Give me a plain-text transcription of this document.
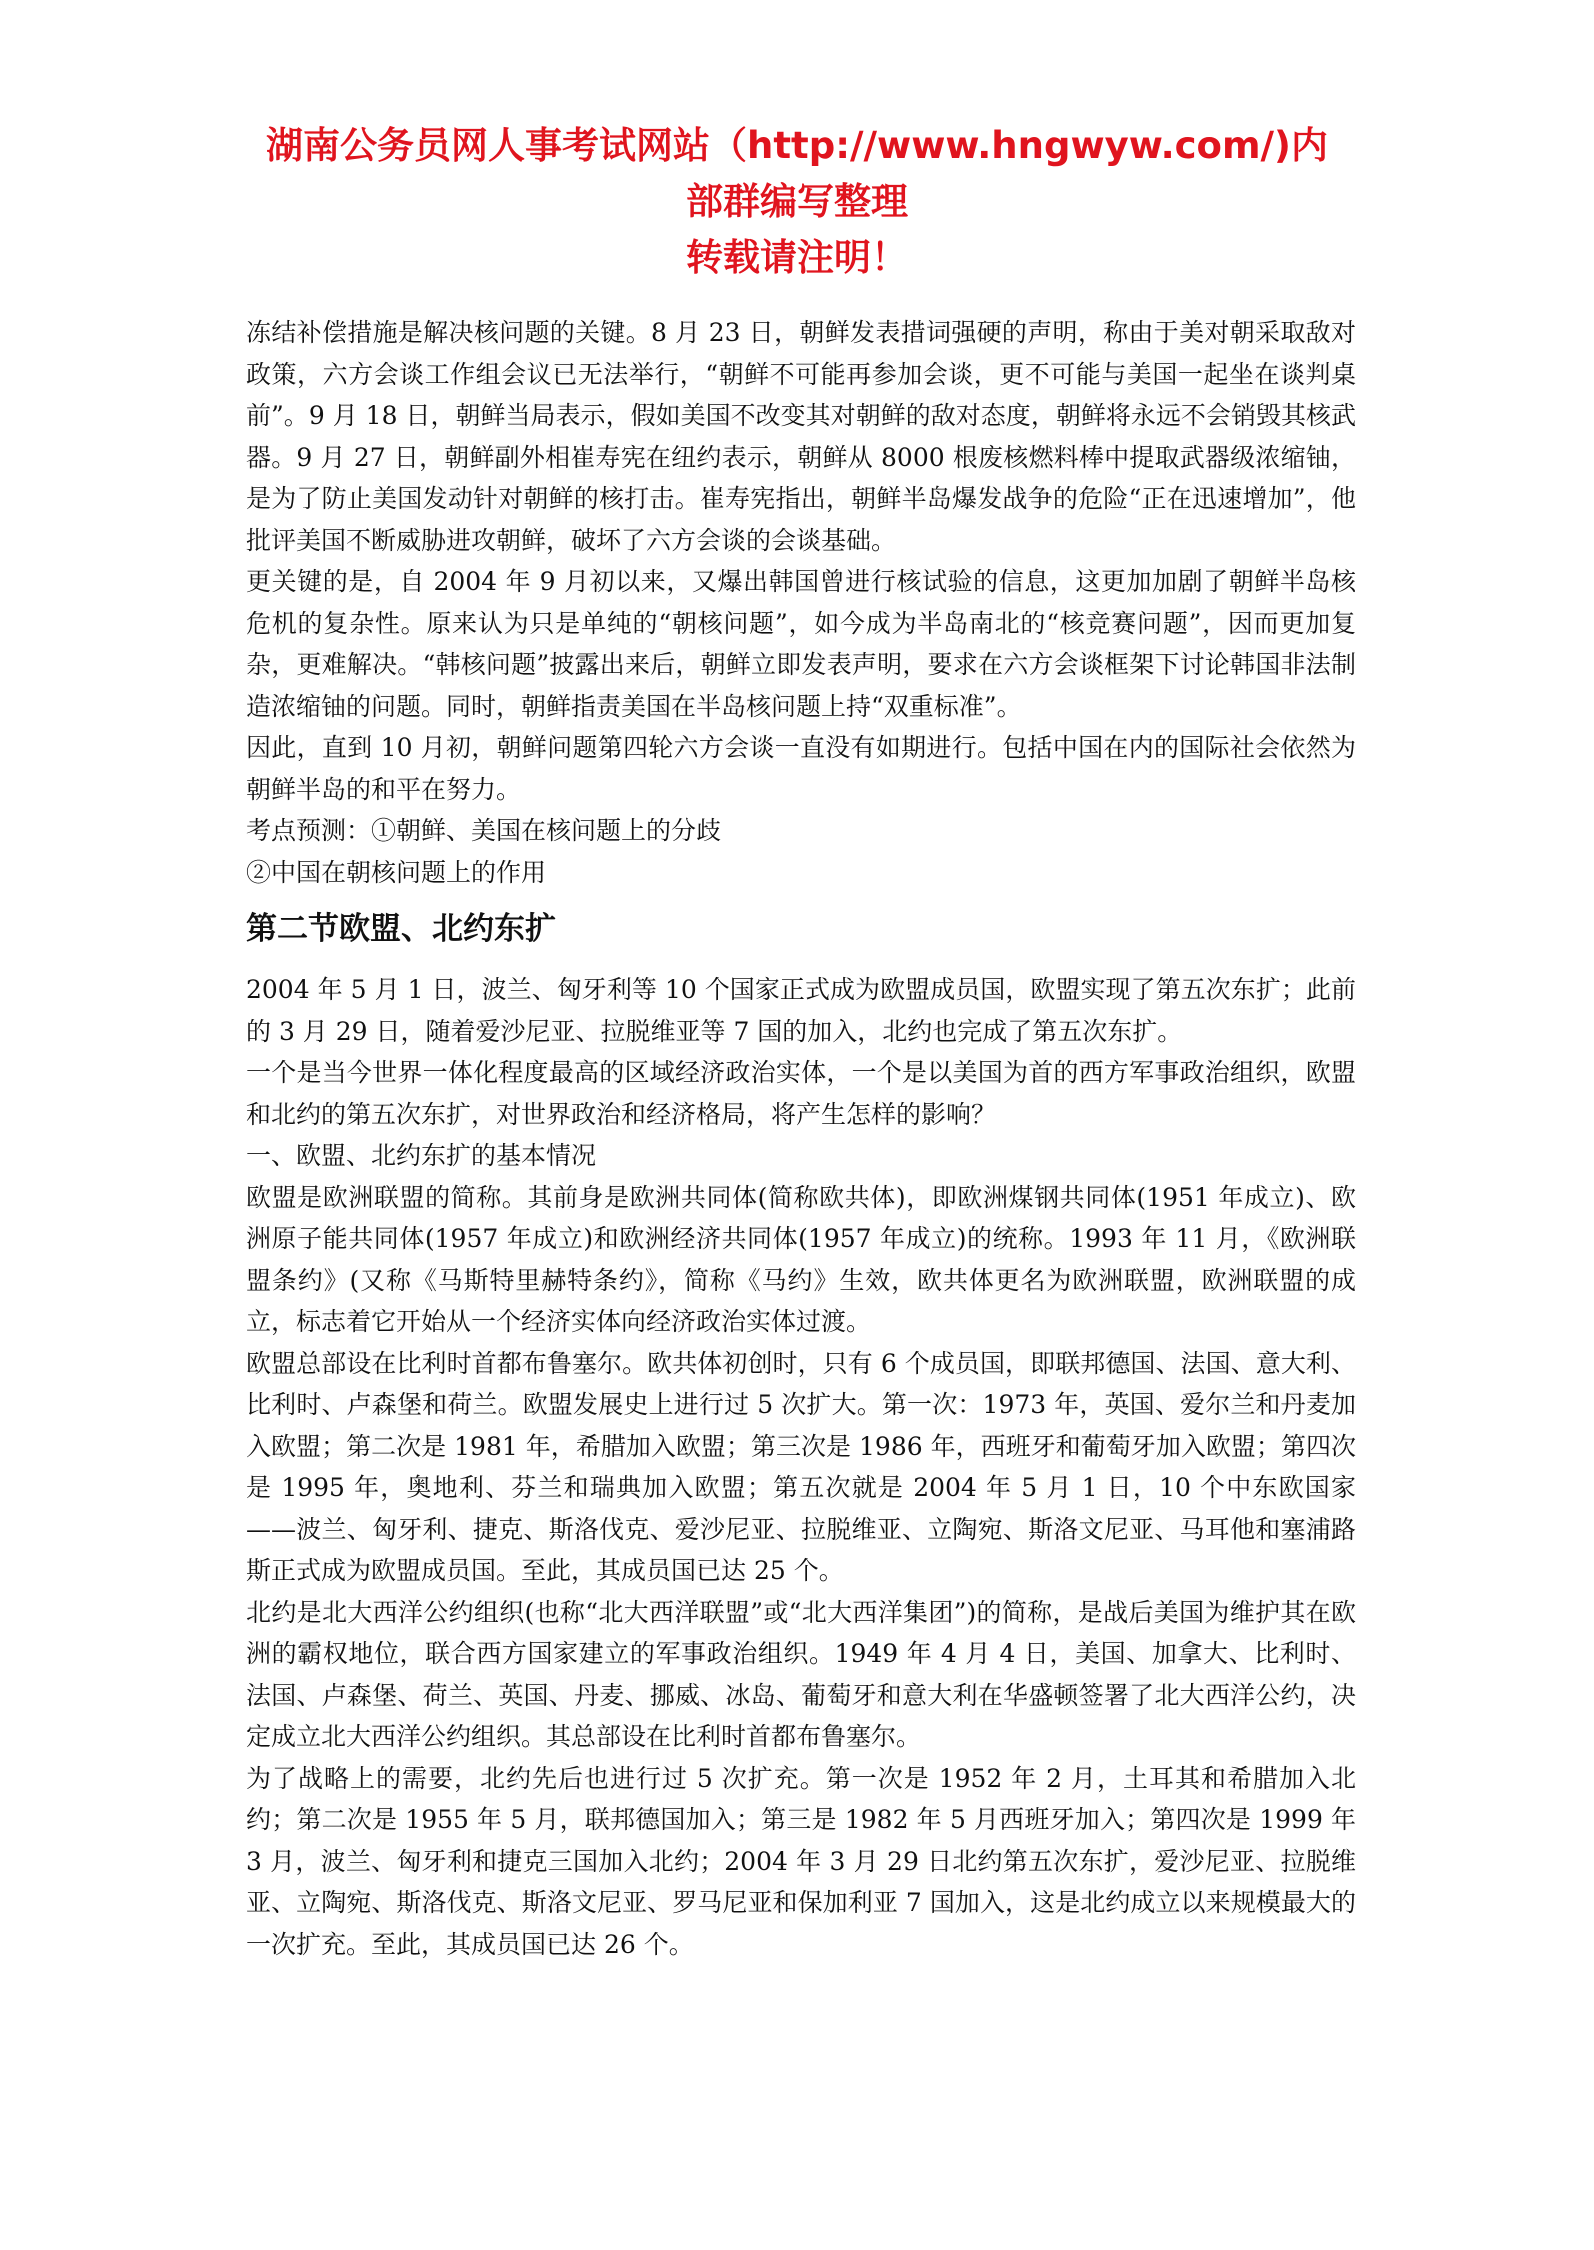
湖南公务员网人事考试网站（http://www.hngwyw.com/)内
部群编写整理
转载请注明！

冻结补偿措施是解决核问题的关键。8 月 23 日，朝鲜发表措词强硬的声明，称由于美对朝采取敌对政策，六方会谈工作组会议已无法举行，“朝鲜不可能再参加会谈，更不可能与美国一起坐在谈判桌前”。9 月 18 日，朝鲜当局表示，假如美国不改变其对朝鲜的敌对态度，朝鲜将永远不会销毁其核武器。9 月 27 日，朝鲜副外相崔寿宪在纽约表示，朝鲜从 8000 根废核燃料棒中提取武器级浓缩铀，是为了防止美国发动针对朝鲜的核打击。崔寿宪指出，朝鲜半岛爆发战争的危险“正在迅速增加”，他批评美国不断威胁进攻朝鲜，破坏了六方会谈的会谈基础。

更关键的是，自 2004 年 9 月初以来，又爆出韩国曾进行核试验的信息，这更加加剧了朝鲜半岛核危机的复杂性。原来认为只是单纯的“朝核问题”，如今成为半岛南北的“核竞赛问题”，因而更加复杂，更难解决。“韩核问题”披露出来后，朝鲜立即发表声明，要求在六方会谈框架下讨论韩国非法制造浓缩铀的问题。同时，朝鲜指责美国在半岛核问题上持“双重标准”。

因此，直到 10 月初，朝鲜问题第四轮六方会谈一直没有如期进行。包括中国在内的国际社会依然为朝鲜半岛的和平在努力。

考点预测：①朝鲜、美国在核问题上的分歧

②中国在朝核问题上的作用

第二节欧盟、北约东扩

2004 年 5 月 1 日，波兰、匈牙利等 10 个国家正式成为欧盟成员国，欧盟实现了第五次东扩；此前的 3 月 29 日，随着爱沙尼亚、拉脱维亚等 7 国的加入，北约也完成了第五次东扩。

一个是当今世界一体化程度最高的区域经济政治实体，一个是以美国为首的西方军事政治组织，欧盟和北约的第五次东扩，对世界政治和经济格局，将产生怎样的影响？

一、欧盟、北约东扩的基本情况

欧盟是欧洲联盟的简称。其前身是欧洲共同体(简称欧共体)，即欧洲煤钢共同体(1951 年成立)、欧洲原子能共同体(1957 年成立)和欧洲经济共同体(1957 年成立)的统称。1993 年 11 月，《欧洲联盟条约》(又称《马斯特里赫特条约》，简称《马约》生效，欧共体更名为欧洲联盟，欧洲联盟的成立，标志着它开始从一个经济实体向经济政治实体过渡。

欧盟总部设在比利时首都布鲁塞尔。欧共体初创时，只有 6 个成员国，即联邦德国、法国、意大利、比利时、卢森堡和荷兰。欧盟发展史上进行过 5 次扩大。第一次：1973 年，英国、爱尔兰和丹麦加入欧盟；第二次是 1981 年，希腊加入欧盟；第三次是 1986 年，西班牙和葡萄牙加入欧盟；第四次是 1995 年，奥地利、芬兰和瑞典加入欧盟；第五次就是 2004 年 5 月 1 日，10 个中东欧国家——波兰、匈牙利、捷克、斯洛伐克、爱沙尼亚、拉脱维亚、立陶宛、斯洛文尼亚、马耳他和塞浦路斯正式成为欧盟成员国。至此，其成员国已达 25 个。

北约是北大西洋公约组织(也称“北大西洋联盟”或“北大西洋集团”)的简称，是战后美国为维护其在欧洲的霸权地位，联合西方国家建立的军事政治组织。1949 年 4 月 4 日，美国、加拿大、比利时、法国、卢森堡、荷兰、英国、丹麦、挪威、冰岛、葡萄牙和意大利在华盛顿签署了北大西洋公约，决定成立北大西洋公约组织。其总部设在比利时首都布鲁塞尔。

为了战略上的需要，北约先后也进行过 5 次扩充。第一次是 1952 年 2 月，土耳其和希腊加入北约；第二次是 1955 年 5 月，联邦德国加入；第三是 1982 年 5 月西班牙加入；第四次是 1999 年 3 月，波兰、匈牙利和捷克三国加入北约；2004 年 3 月 29 日北约第五次东扩，爱沙尼亚、拉脱维亚、立陶宛、斯洛伐克、斯洛文尼亚、罗马尼亚和保加利亚 7 国加入，这是北约成立以来规模最大的一次扩充。至此，其成员国已达 26 个。
